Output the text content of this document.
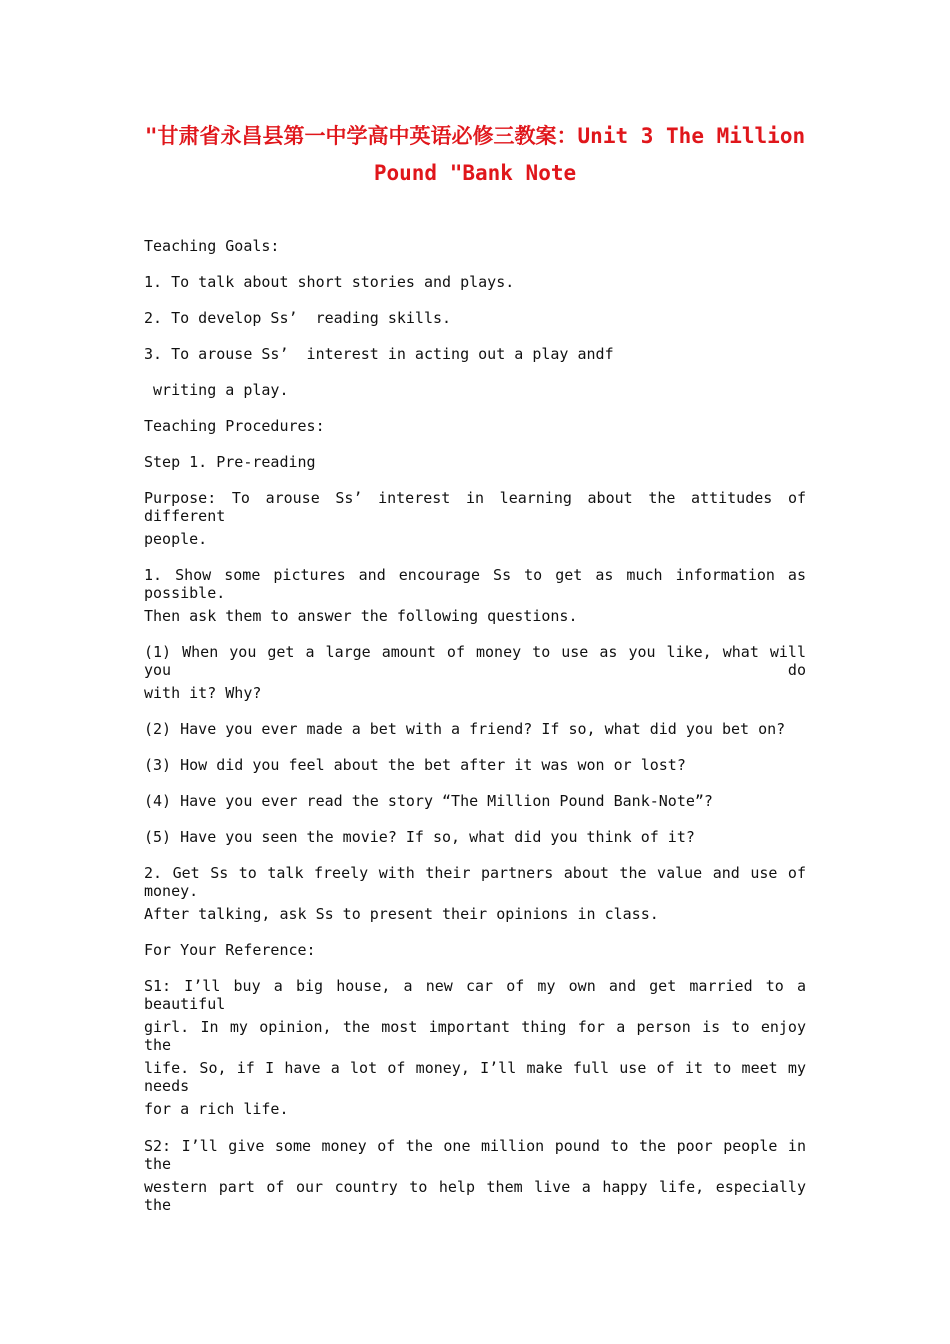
"甘肃省永昌县第一中学高中英语必修三教案：Unit 3 The Million
Pound "Bank Note
Teaching Goals:
1. To talk about short stories and plays.
2. To develop Ss’  reading skills.
3. To arouse Ss’  interest in acting out a play andf
writing a play.
Teaching Procedures:
Step 1. Pre-reading
Purpose: To arouse Ss’ interest in learning about the attitudes of different
people.
1. Show some pictures and encourage Ss to get as much information as possible.
Then ask them to answer the following questions.
(1) When you get a large amount of money to use as you like, what will you do
with it? Why?
(2) Have you ever made a bet with a friend? If so, what did you bet on?
(3) How did you feel about the bet after it was won or lost?
(4) Have you ever read the story “The Million Pound Bank-Note”?
(5) Have you seen the movie? If so, what did you think of it?
2. Get Ss to talk freely with their partners about the value and use of money.
After talking, ask Ss to present their opinions in class.
For Your Reference:
S1: I’ll buy a big house, a new car of my own and get married to a beautiful
girl. In my opinion, the most important thing for a person is to enjoy the
life. So, if I have a lot of money, I’ll make full use of it to meet my needs
for a rich life.
S2: I’ll give some money of the one million pound to the poor people in the
western part of our country to help them live a happy life, especially the
